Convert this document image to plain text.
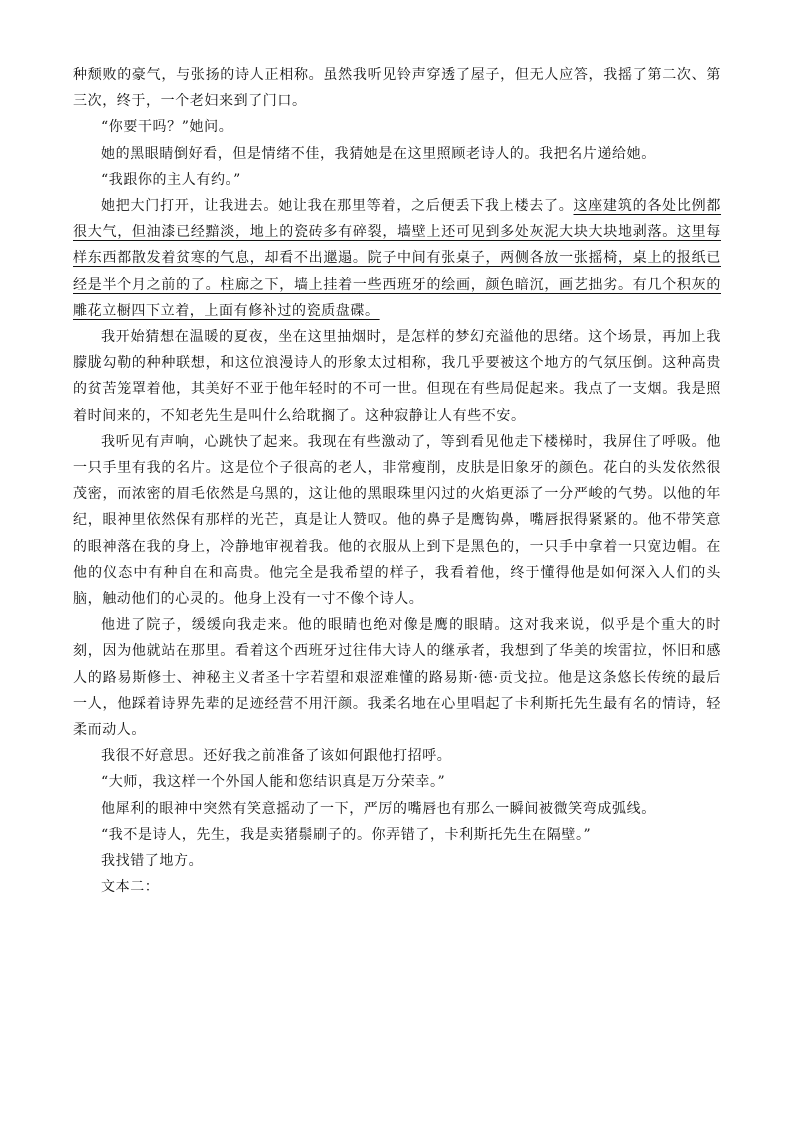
种颓败的豪气，与张扬的诗人正相称。虽然我听见铃声穿透了屋子，但无人应答，我摇了第二次、第三次，终于，一个老妇来到了门口。

“你要干吗？”她问。

她的黑眼睛倒好看，但是情绪不佳，我猜她是在这里照顾老诗人的。我把名片递给她。

“我跟你的主人有约。”

她把大门打开，让我进去。她让我在那里等着，之后便丢下我上楼去了。这座建筑的各处比例都很大气，但油漆已经黯淡，地上的瓷砖多有碎裂，墙壁上还可见到多处灰泥大块大块地剥落。这里每样东西都散发着贫寒的气息，却看不出邋遢。院子中间有张桌子，两侧各放一张摇椅，桌上的报纸已经是半个月之前的了。柱廊之下，墙上挂着一些西班牙的绘画，颜色暗沉，画艺拙劣。有几个积灰的雕花立橱四下立着，上面有修补过的瓷质盘碟。

我开始猜想在温暖的夏夜，坐在这里抽烟时，是怎样的梦幻充溢他的思绪。这个场景，再加上我朦胧勾勒的种种联想，和这位浪漫诗人的形象太过相称，我几乎要被这个地方的气氛压倒。这种高贵的贫苦笼罩着他，其美好不亚于他年轻时的不可一世。但现在有些局促起来。我点了一支烟。我是照着时间来的，不知老先生是叫什么给耽搁了。这种寂静让人有些不安。

我听见有声响，心跳快了起来。我现在有些激动了，等到看见他走下楼梯时，我屏住了呼吸。他一只手里有我的名片。这是位个子很高的老人，非常瘦削，皮肤是旧象牙的颜色。花白的头发依然很茂密，而浓密的眉毛依然是乌黑的，这让他的黑眼珠里闪过的火焰更添了一分严峻的气势。以他的年纪，眼神里依然保有那样的光芒，真是让人赞叹。他的鼻子是鹰钩鼻，嘴唇抿得紧紧的。他不带笑意的眼神落在我的身上，冷静地审视着我。他的衣服从上到下是黑色的，一只手中拿着一只宽边帽。在他的仪态中有种自在和高贵。他完全是我希望的样子，我看着他，终于懂得他是如何深入人们的头脑，触动他们的心灵的。他身上没有一寸不像个诗人。

他进了院子，缓缓向我走来。他的眼睛也绝对像是鹰的眼睛。这对我来说，似乎是个重大的时刻，因为他就站在那里。看着这个西班牙过往伟大诗人的继承者，我想到了华美的埃雷拉，怀旧和感人的路易斯修士、神秘主义者圣十字若望和艰涩难懂的路易斯·德·贡戈拉。他是这条悠长传统的最后一人，他踩着诗界先辈的足迹经营不用汗颜。我柔名地在心里唱起了卡利斯托先生最有名的情诗，轻柔而动人。

我很不好意思。还好我之前准备了该如何跟他打招呼。

“大师，我这样一个外国人能和您结识真是万分荣幸。”

他犀利的眼神中突然有笑意摇动了一下，严厉的嘴唇也有那么一瞬间被微笑弯成弧线。

“我不是诗人，先生，我是卖猪鬃刷子的。你弄错了，卡利斯托先生在隔壁。”

我找错了地方。

文本二：
